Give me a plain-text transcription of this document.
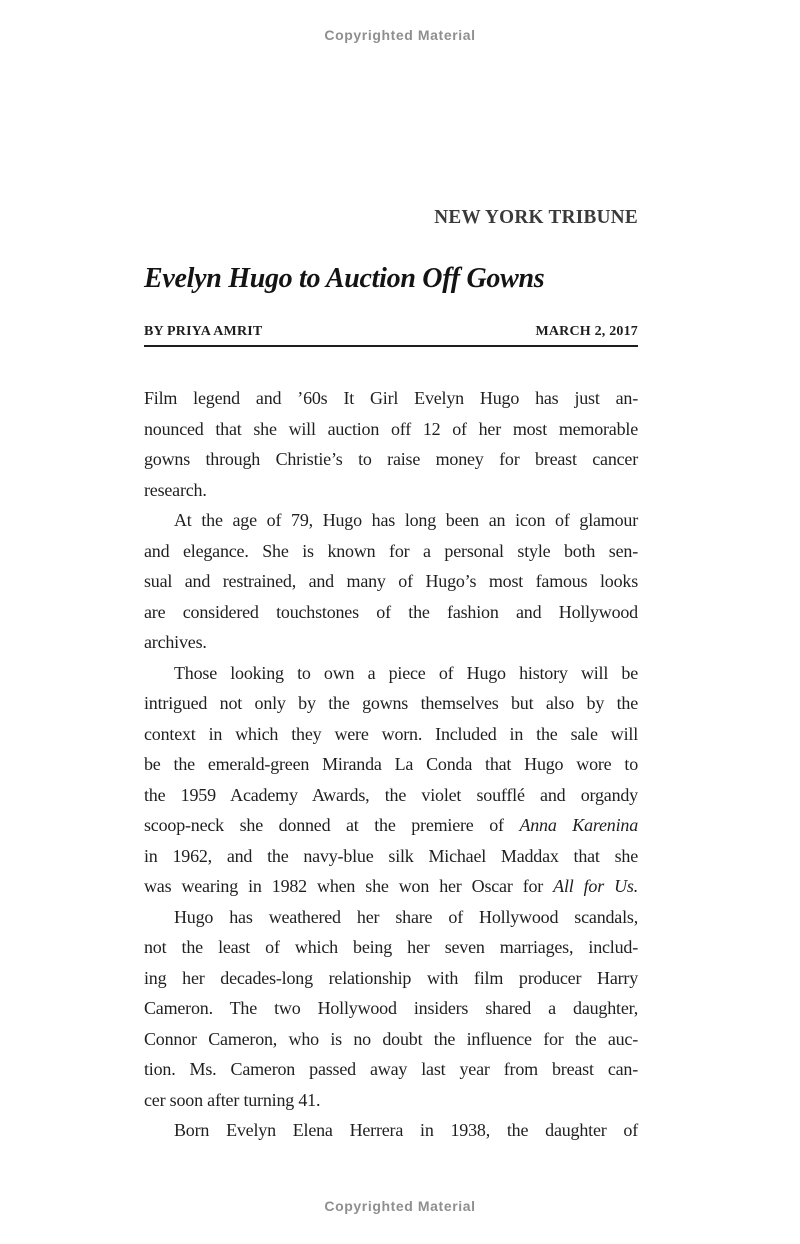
Copyrighted Material
NEW YORK TRIBUNE
Evelyn Hugo to Auction Off Gowns
BY PRIYA AMRIT	MARCH 2, 2017
Film legend and ’60s It Girl Evelyn Hugo has just an-
nounced that she will auction off 12 of her most memorable
gowns through Christie’s to raise money for breast cancer
research.
At the age of 79, Hugo has long been an icon of glamour
and elegance. She is known for a personal style both sen-
sual and restrained, and many of Hugo’s most famous looks
are considered touchstones of the fashion and Hollywood
archives.
Those looking to own a piece of Hugo history will be
intrigued not only by the gowns themselves but also by the
context in which they were worn. Included in the sale will
be the emerald-green Miranda La Conda that Hugo wore to
the 1959 Academy Awards, the violet soufflé and organdy
scoop-neck she donned at the premiere of Anna Karenina
in 1962, and the navy-blue silk Michael Maddax that she
was wearing in 1982 when she won her Oscar for All for Us.
Hugo has weathered her share of Hollywood scandals,
not the least of which being her seven marriages, includ-
ing her decades-long relationship with film producer Harry
Cameron. The two Hollywood insiders shared a daughter,
Connor Cameron, who is no doubt the influence for the auc-
tion. Ms. Cameron passed away last year from breast can-
cer soon after turning 41.
Born Evelyn Elena Herrera in 1938, the daughter of
Copyrighted Material
